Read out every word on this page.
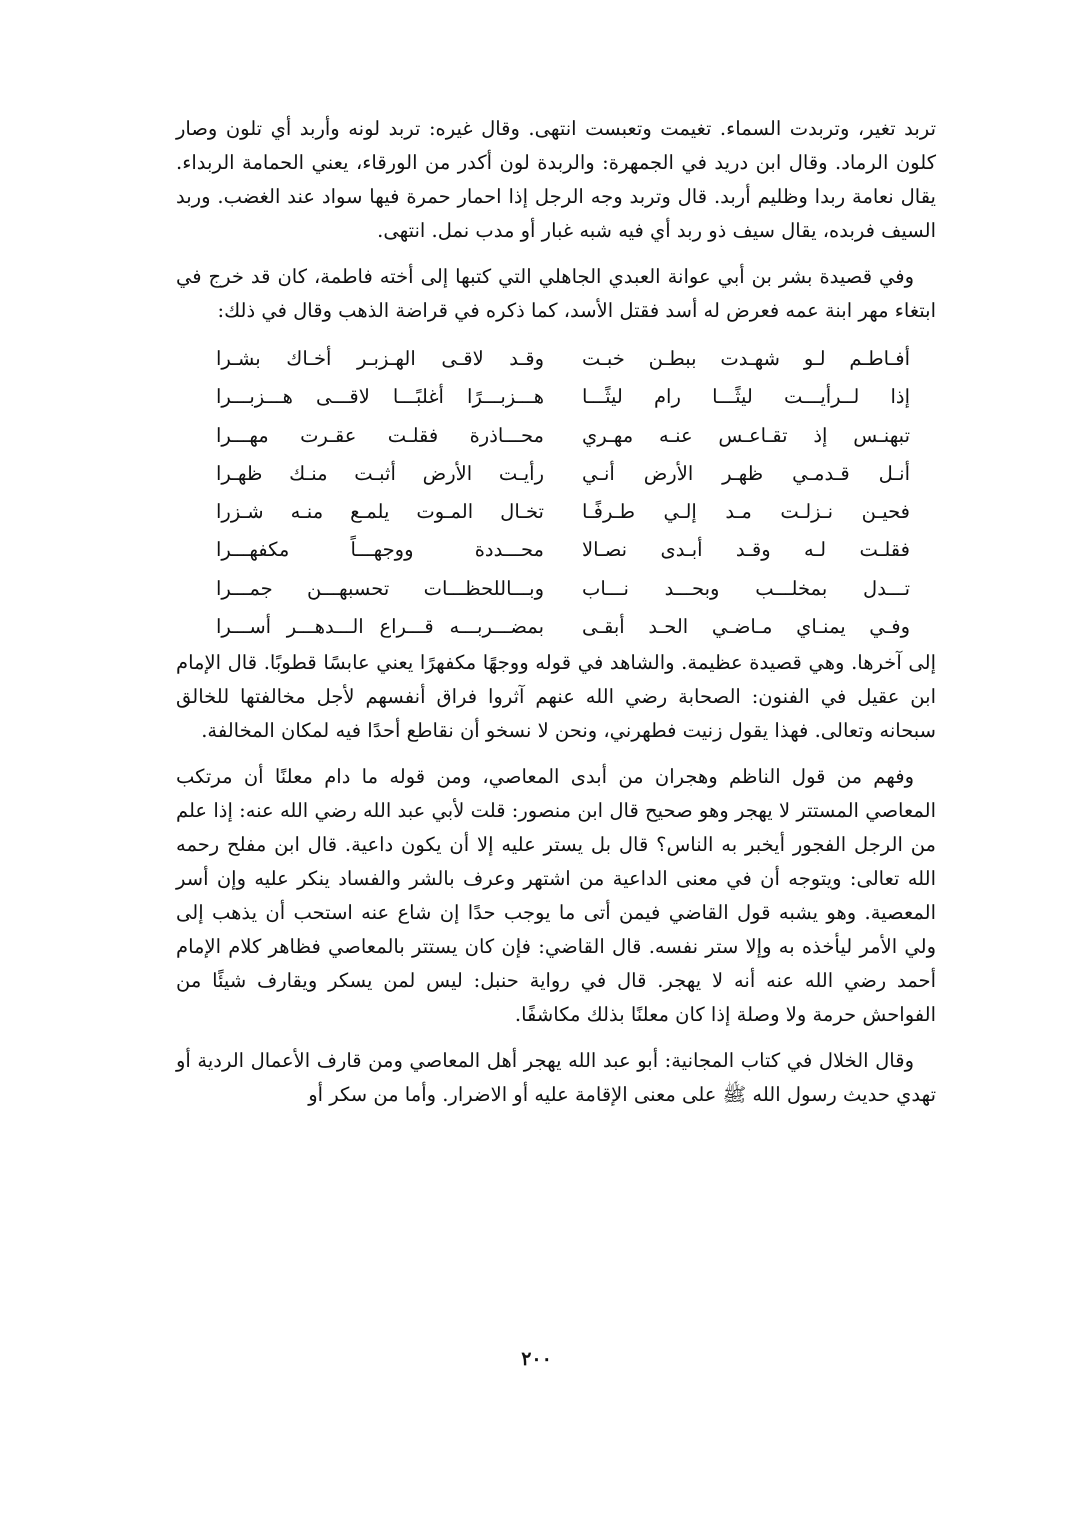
تربد تغير، وتربدت السماء. تغيمت وتعبست انتهى. وقال غيره: تربد لونه وأربد أي تلون وصار كلون الرماد. وقال ابن دريد في الجمهرة: والربدة لون أكدر من الورقاء، يعني الحمامة الربداء. يقال نعامة ربدا وظليم أربد. قال وتربد وجه الرجل إذا احمار حمرة فيها سواد عند الغضب. وربد السيف فربده، يقال سيف ذو ربد أي فيه شبه غبار أو مدب نمل. انتهى.

وفي قصيدة بشر بن أبي عوانة العبدي الجاهلي التي كتبها إلى أخته فاطمة، كان قد خرج في ابتغاء مهر ابنة عمه فعرض له أسد فقتل الأسد، كما ذكره في قراضة الذهب وقال في ذلك:

أفـاطـم لـو شهـدت ببطـن خبـت
وقـد لاقـى الهـزبـر أخـاك بشـرا
إذا لــرأيـــت ليثًـــا رام ليثًـــا
هـــزبـــرًا أغلبًـــا لاقـــى هـــزبـــرا
تبهنـس إذ تقـاعـس عنـه مهـري
محـــاذرة فقلـت عقـرت مهـــرا
أنـل قـدمـي ظهـر الأرض أنـي
رأيـت الأرض أثبـت منـك ظهـرا
فحيـن نـزلـت مـد إلـي طـرفًـا
تخـال المـوت يلمـع منـه شـزرا
فقلـت لـه وقـد أبـدى نصـالا
محـــددة ووجهـــاً مكفهـــرا
تـــدل بمخلـــب وبحـــد نـــاب
وبـــاللحظـــات تحسبهـــن جمـــرا
وفـي يمنـاي مـاضـي الحـد أبقـى
بمضـــربـــه قـــراع الـــدهـــر أســـرا

إلى آخرها. وهي قصيدة عظيمة. والشاهد في قوله ووجهًا مكفهرًا يعني عابسًا قطوبًا. قال الإمام ابن عقيل في الفنون: الصحابة رضي الله عنهم آثروا فراق أنفسهم لأجل مخالفتها للخالق سبحانه وتعالى. فهذا يقول زنيت فطهرني، ونحن لا نسخو أن نقاطع أحدًا فيه لمكان المخالفة.

وفهم من قول الناظم وهجران من أبدى المعاصي، ومن قوله ما دام معلنًا أن مرتكب المعاصي المستتر لا يهجر وهو صحيح قال ابن منصور: قلت لأبي عبد الله رضي الله عنه: إذا علم من الرجل الفجور أيخبر به الناس؟ قال بل يستر عليه إلا أن يكون داعية. قال ابن مفلح رحمه الله تعالى: ويتوجه أن في معنى الداعية من اشتهر وعرف بالشر والفساد ينكر عليه وإن أسر المعصية. وهو يشبه قول القاضي فيمن أتى ما يوجب حدًا إن شاع عنه استحب أن يذهب إلى ولي الأمر ليأخذه به وإلا ستر نفسه. قال القاضي: فإن كان يستتر بالمعاصي فظاهر كلام الإمام أحمد رضي الله عنه أنه لا يهجر. قال في رواية حنبل: ليس لمن يسكر ويقارف شيئًا من الفواحش حرمة ولا وصلة إذا كان معلنًا بذلك مكاشفًا.

وقال الخلال في كتاب المجانية: أبو عبد الله يهجر أهل المعاصي ومن قارف الأعمال الردية أو تهدي حديث رسول الله ﷺ على معنى الإقامة عليه أو الاضرار. وأما من سكر أو

٢٠٠
